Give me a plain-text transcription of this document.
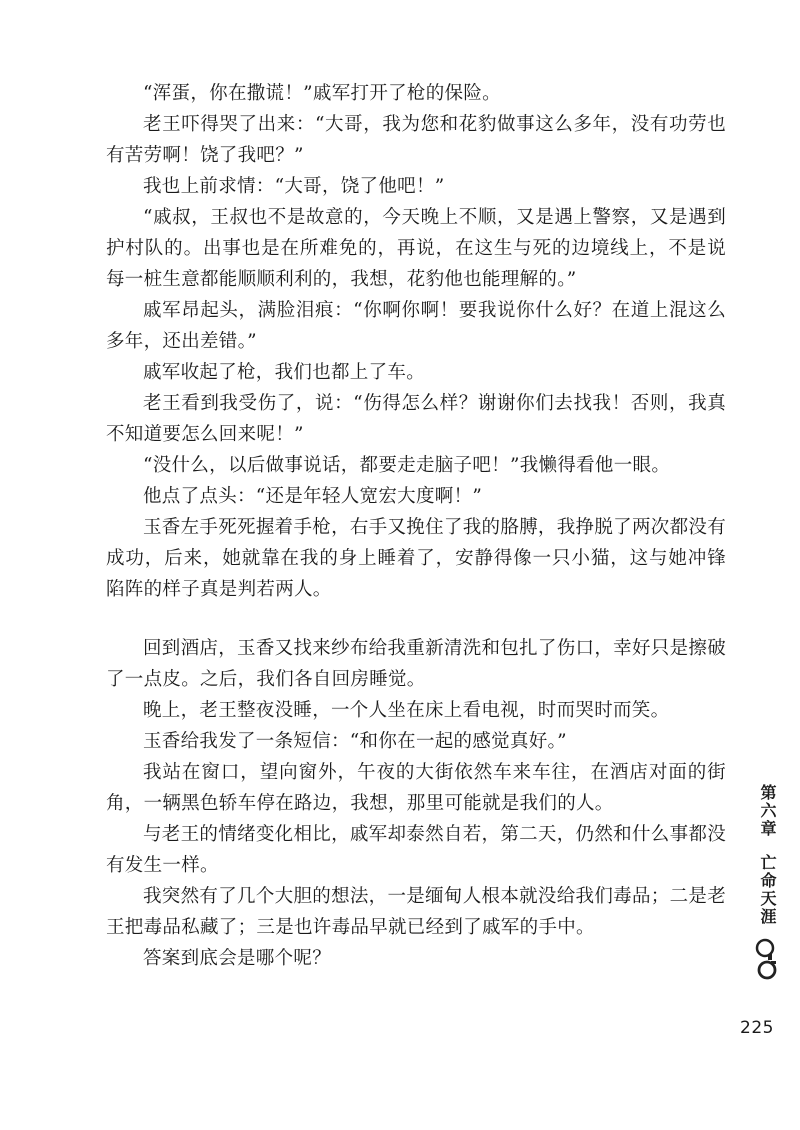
“浑蛋，你在撒谎！”戚军打开了枪的保险。

老王吓得哭了出来：“大哥，我为您和花豹做事这么多年，没有功劳也有苦劳啊！饶了我吧？”

我也上前求情：“大哥，饶了他吧！”

“戚叔，王叔也不是故意的，今天晚上不顺，又是遇上警察，又是遇到护村队的。出事也是在所难免的，再说，在这生与死的边境线上，不是说每一桩生意都能顺顺利利的，我想，花豹他也能理解的。”

戚军昂起头，满脸泪痕：“你啊你啊！要我说你什么好？在道上混这么多年，还出差错。”

戚军收起了枪，我们也都上了车。

老王看到我受伤了，说：“伤得怎么样？谢谢你们去找我！否则，我真不知道要怎么回来呢！”

“没什么，以后做事说话，都要走走脑子吧！”我懒得看他一眼。

他点了点头：“还是年轻人宽宏大度啊！”

玉香左手死死握着手枪，右手又挽住了我的胳膊，我挣脱了两次都没有成功，后来，她就靠在我的身上睡着了，安静得像一只小猫，这与她冲锋陷阵的样子真是判若两人。

回到酒店，玉香又找来纱布给我重新清洗和包扎了伤口，幸好只是擦破了一点皮。之后，我们各自回房睡觉。

晚上，老王整夜没睡，一个人坐在床上看电视，时而哭时而笑。

玉香给我发了一条短信：“和你在一起的感觉真好。”

我站在窗口，望向窗外，午夜的大街依然车来车往，在酒店对面的街角，一辆黑色轿车停在路边，我想，那里可能就是我们的人。

与老王的情绪变化相比，戚军却泰然自若，第二天，仍然和什么事都没有发生一样。

我突然有了几个大胆的想法，一是缅甸人根本就没给我们毒品；二是老王把毒品私藏了；三是也许毒品早就已经到了戚军的手中。

答案到底会是哪个呢？

第六章
亡命天涯
225
